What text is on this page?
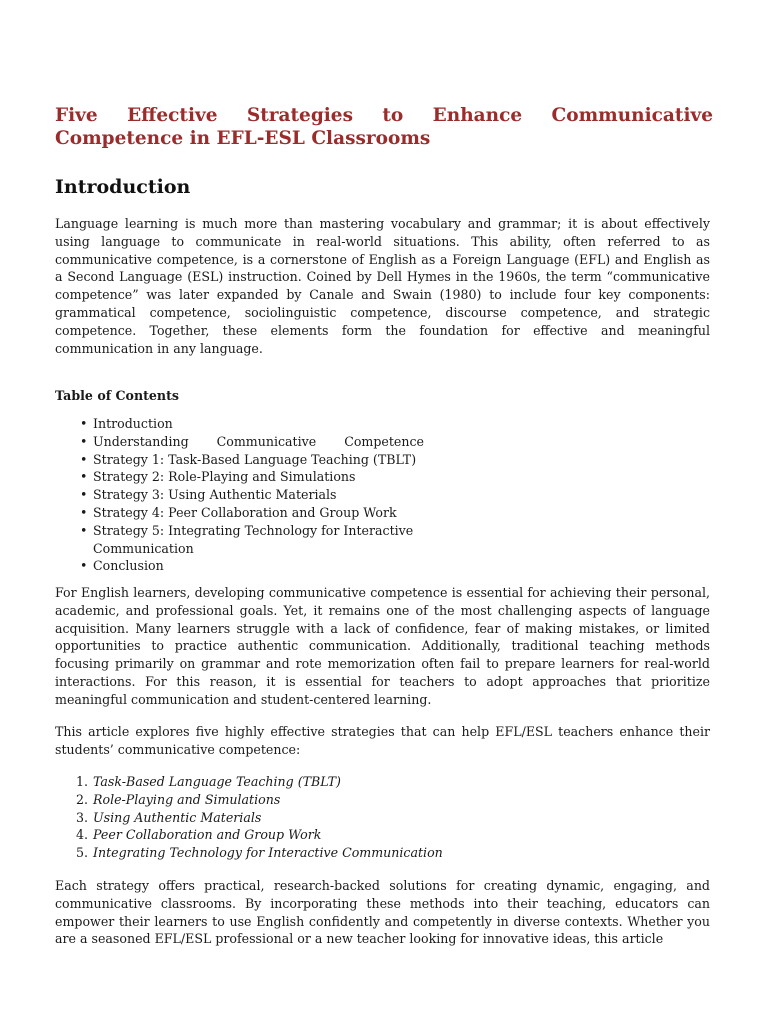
Five Effective Strategies to Enhance Communicative Competence in EFL-ESL Classrooms
Introduction

Language learning is much more than mastering vocabulary and grammar; it is about effectively using language to communicate in real-world situations. This ability, often referred to as communicative competence, is a cornerstone of English as a Foreign Language (EFL) and English as a Second Language (ESL) instruction. Coined by Dell Hymes in the 1960s, the term “communicative competence” was later expanded by Canale and Swain (1980) to include four key components: grammatical competence, sociolinguistic competence, discourse competence, and strategic competence. Together, these elements form the foundation for effective and meaningful communication in any language.

Table of Contents
• Introduction
• Understanding Communicative Competence
• Strategy 1: Task-Based Language Teaching (TBLT)
• Strategy 2: Role-Playing and Simulations
• Strategy 3: Using Authentic Materials
• Strategy 4: Peer Collaboration and Group Work
• Strategy 5: Integrating Technology for Interactive Communication
• Conclusion

For English learners, developing communicative competence is essential for achieving their personal, academic, and professional goals. Yet, it remains one of the most challenging aspects of language acquisition. Many learners struggle with a lack of confidence, fear of making mistakes, or limited opportunities to practice authentic communication. Additionally, traditional teaching methods focusing primarily on grammar and rote memorization often fail to prepare learners for real-world interactions. For this reason, it is essential for teachers to adopt approaches that prioritize meaningful communication and student-centered learning.

This article explores five highly effective strategies that can help EFL/ESL teachers enhance their students’ communicative competence:

1. Task-Based Language Teaching (TBLT)
2. Role-Playing and Simulations
3. Using Authentic Materials
4. Peer Collaboration and Group Work
5. Integrating Technology for Interactive Communication

Each strategy offers practical, research-backed solutions for creating dynamic, engaging, and communicative classrooms. By incorporating these methods into their teaching, educators can empower their learners to use English confidently and competently in diverse contexts. Whether you are a seasoned EFL/ESL professional or a new teacher looking for innovative ideas, this article
